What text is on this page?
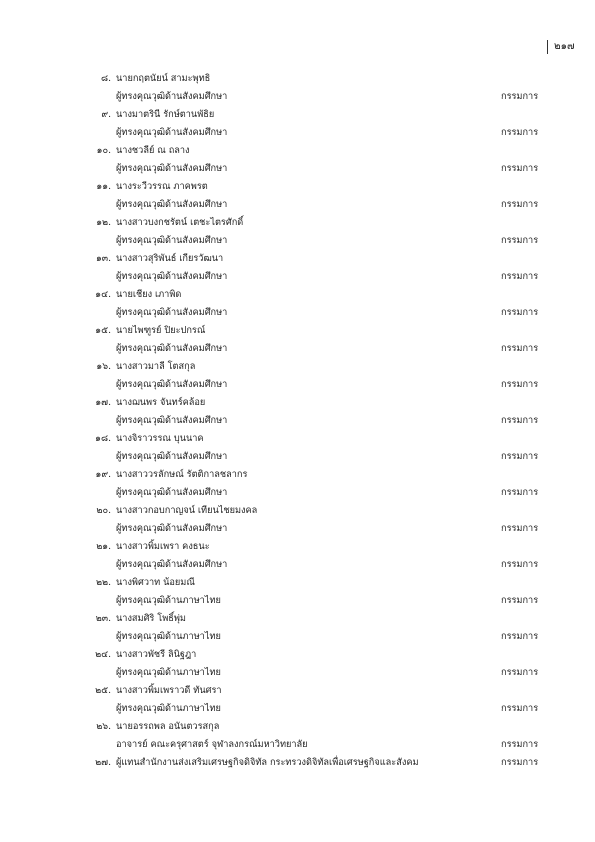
๒๑๗
๘. นายกฤตนัยน์ สามะพุทธิ
ผู้ทรงคุณวุฒิด้านสังคมศึกษา	กรรมการ
๙. นางมาตรินี รักษ์ตานพัธิย
ผู้ทรงคุณวุฒิด้านสังคมศึกษา	กรรมการ
๑๐. นางชวลีย์ ณ ถลาง
ผู้ทรงคุณวุฒิด้านสังคมศึกษา	กรรมการ
๑๑. นางระวีวรรณ ภาคพรต
ผู้ทรงคุณวุฒิด้านสังคมศึกษา	กรรมการ
๑๒. นางสาวบงกชรัตน์ เตชะไตรศักดิ์
ผู้ทรงคุณวุฒิด้านสังคมศึกษา	กรรมการ
๑๓. นางสาวสุริพันธ์ เกียรวัฒนา
ผู้ทรงคุณวุฒิด้านสังคมศึกษา	กรรมการ
๑๔. นายเชียง เภาพิด
ผู้ทรงคุณวุฒิด้านสังคมศึกษา	กรรมการ
๑๕. นายไพฑูรย์ ปิยะปกรณ์
ผู้ทรงคุณวุฒิด้านสังคมศึกษา	กรรมการ
๑๖. นางสาวมาลี โตสกุล
ผู้ทรงคุณวุฒิด้านสังคมศึกษา	กรรมการ
๑๗. นางฌนพร จันทร์คล้อย
ผู้ทรงคุณวุฒิด้านสังคมศึกษา	กรรมการ
๑๘. นางจิราวรรณ บุนนาค
ผู้ทรงคุณวุฒิด้านสังคมศึกษา	กรรมการ
๑๙. นางสาววรลักษณ์ รัตติกาลชลากร
ผู้ทรงคุณวุฒิด้านสังคมศึกษา	กรรมการ
๒๐. นางสาวกอบกาญจน์ เทียนไชยมงคล
ผู้ทรงคุณวุฒิด้านสังคมศึกษา	กรรมการ
๒๑. นางสาวพิ้มเพรา คงธนะ
ผู้ทรงคุณวุฒิด้านสังคมศึกษา	กรรมการ
๒๒. นางพิศวาท น้อยมณี
ผู้ทรงคุณวุฒิด้านภาษาไทย	กรรมการ
๒๓. นางสมศิริ โพธิ์พุ่ม
ผู้ทรงคุณวุฒิด้านภาษาไทย	กรรมการ
๒๔. นางสาวพัชรี ลินิฐฎา
ผู้ทรงคุณวุฒิด้านภาษาไทย	กรรมการ
๒๕. นางสาวพิ้มเพราวดี ทันศรา
ผู้ทรงคุณวุฒิด้านภาษาไทย	กรรมการ
๒๖. นายอรรถพล อนันตวรสกุล
อาจารย์ คณะครุศาสตร์ จุฬาลงกรณ์มหาวิทยาลัย	กรรมการ
๒๗. ผู้แทนสำนักงานส่งเสริมเศรษฐกิจดิจิทัล กระทรวงดิจิทัลเพื่อเศรษฐกิจและสังคม	กรรมการ
